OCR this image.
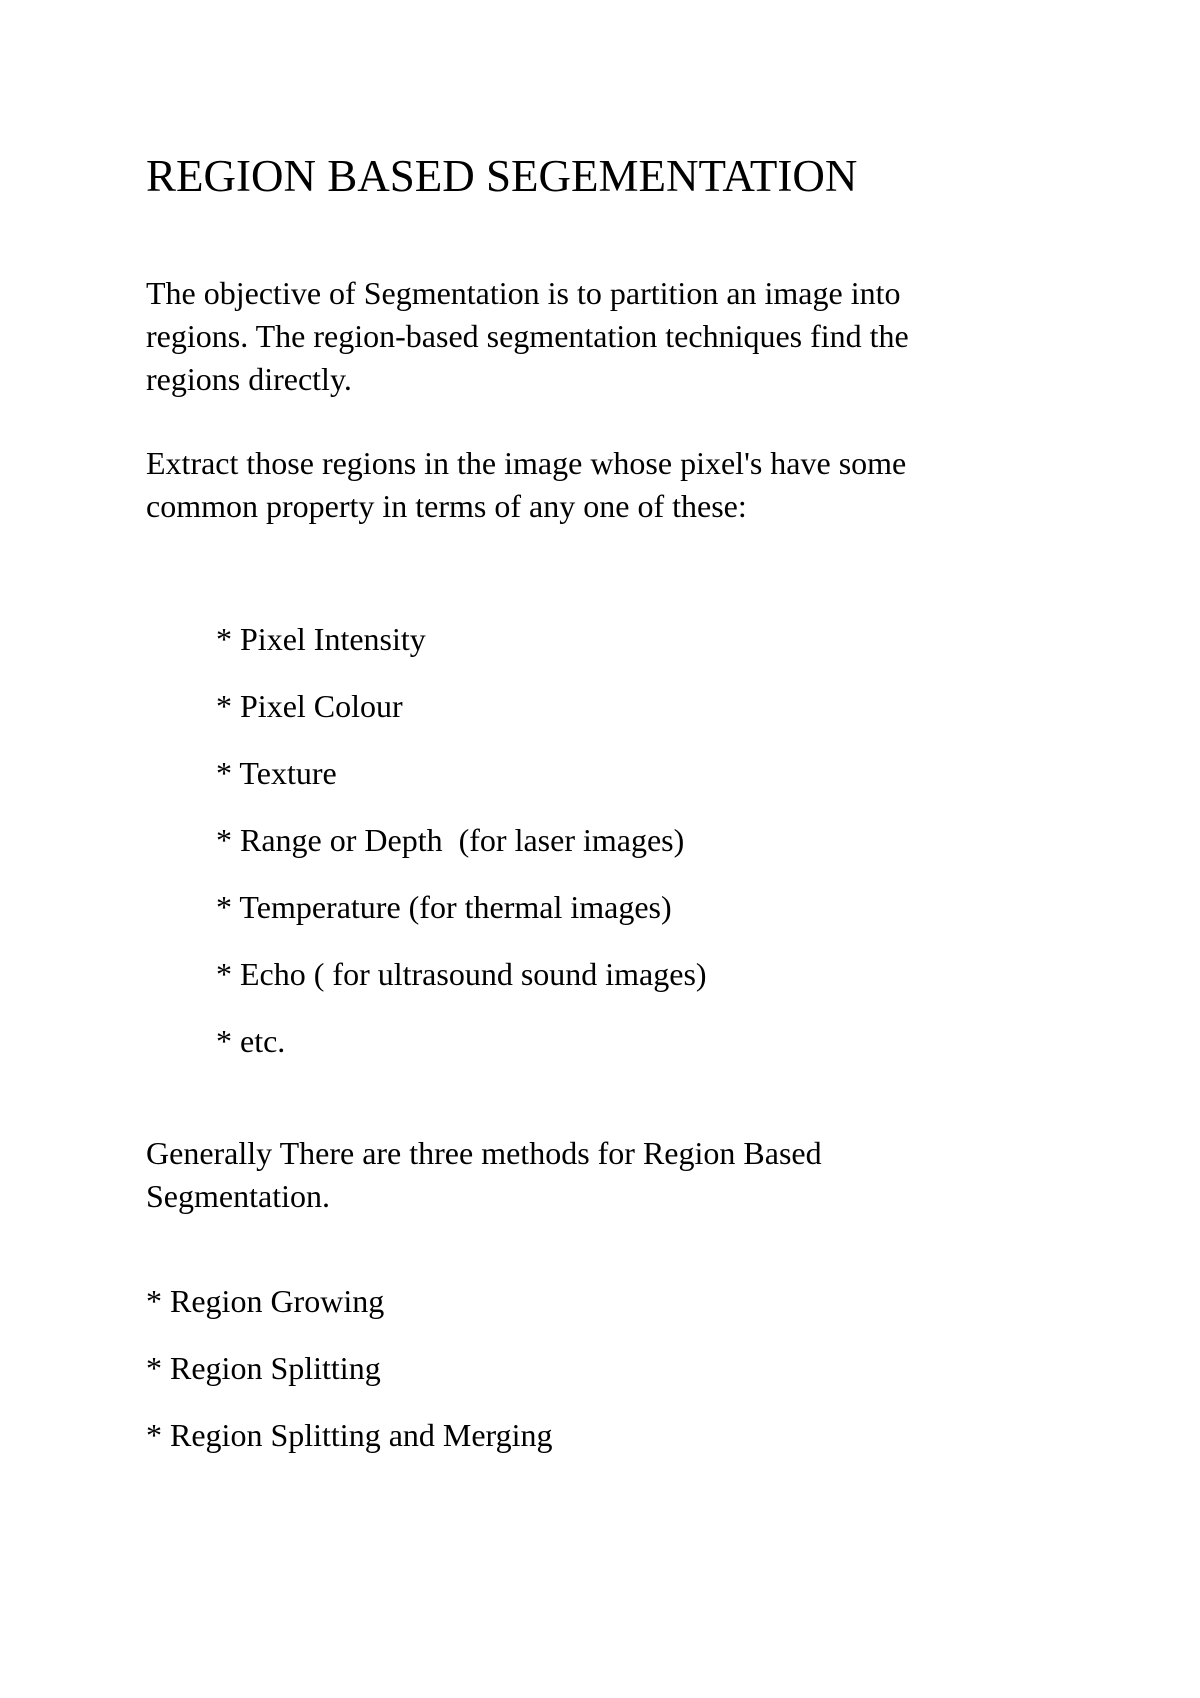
REGION BASED SEGEMENTATION

The objective of Segmentation is to partition an image into
regions. The region-based segmentation techniques find the
regions directly.

Extract those regions in the image whose pixel's have some
common property in terms of any one of these:

* Pixel Intensity
* Pixel Colour
* Texture
* Range or Depth  (for laser images)
* Temperature (for thermal images)
* Echo ( for ultrasound sound images)
* etc.

Generally There are three methods for Region Based
Segmentation.

* Region Growing
* Region Splitting
* Region Splitting and Merging
